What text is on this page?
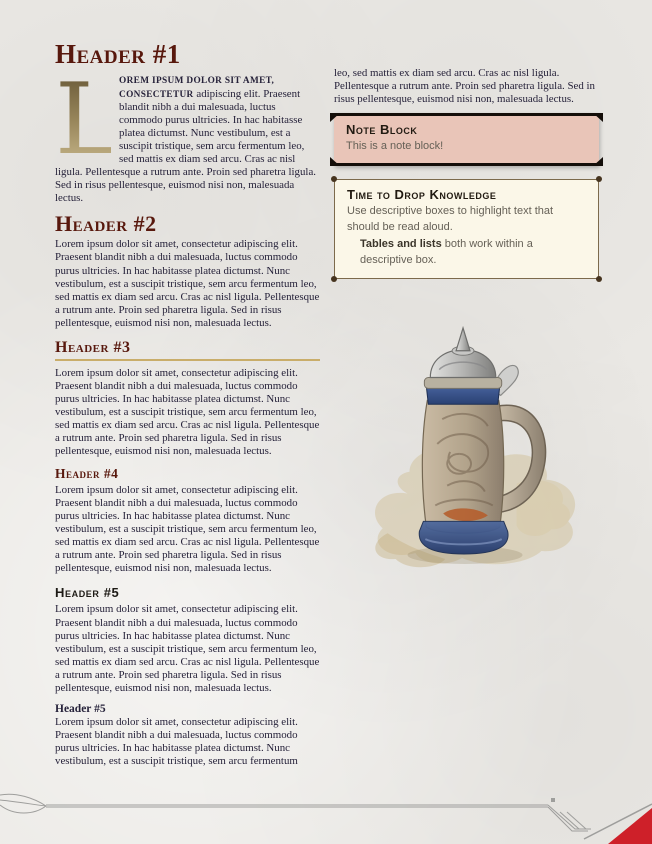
Header #1

L
OREM IPSUM DOLOR SIT AMET, CONSECTETUR adipiscing elit. Praesent blandit nibh a dui malesuada, luctus commodo purus ultricies. In hac habitasse platea dictumst. Nunc vestibulum, est a suscipit tristique, sem arcu fermentum leo, sed mattis ex diam sed arcu. Cras ac nisl ligula. Pellentesque a rutrum ante. Proin sed pharetra ligula. Sed in risus pellentesque, euismod nisi non, malesuada lectus.

Header #2

Lorem ipsum dolor sit amet, consectetur adipiscing elit. Praesent blandit nibh a dui malesuada, luctus commodo purus ultricies. In hac habitasse platea dictumst. Nunc vestibulum, est a suscipit tristique, sem arcu fermentum leo, sed mattis ex diam sed arcu. Cras ac nisl ligula. Pellentesque a rutrum ante. Proin sed pharetra ligula. Sed in risus pellentesque, euismod nisi non, malesuada lectus.

Header #3

Lorem ipsum dolor sit amet, consectetur adipiscing elit. Praesent blandit nibh a dui malesuada, luctus commodo purus ultricies. In hac habitasse platea dictumst. Nunc vestibulum, est a suscipit tristique, sem arcu fermentum leo, sed mattis ex diam sed arcu. Cras ac nisl ligula. Pellentesque a rutrum ante. Proin sed pharetra ligula. Sed in risus pellentesque, euismod nisi non, malesuada lectus.

Header #4

Lorem ipsum dolor sit amet, consectetur adipiscing elit. Praesent blandit nibh a dui malesuada, luctus commodo purus ultricies. In hac habitasse platea dictumst. Nunc vestibulum, est a suscipit tristique, sem arcu fermentum leo, sed mattis ex diam sed arcu. Cras ac nisl ligula. Pellentesque a rutrum ante. Proin sed pharetra ligula. Sed in risus pellentesque, euismod nisi non, malesuada lectus.

Header #5

Lorem ipsum dolor sit amet, consectetur adipiscing elit. Praesent blandit nibh a dui malesuada, luctus commodo purus ultricies. In hac habitasse platea dictumst. Nunc vestibulum, est a suscipit tristique, sem arcu fermentum leo, sed mattis ex diam sed arcu. Cras ac nisl ligula. Pellentesque a rutrum ante. Proin sed pharetra ligula. Sed in risus pellentesque, euismod nisi non, malesuada lectus.

Header #5

Lorem ipsum dolor sit amet, consectetur adipiscing elit. Praesent blandit nibh a dui malesuada, luctus commodo purus ultricies. In hac habitasse platea dictumst. Nunc vestibulum, est a suscipit tristique, sem arcu fermentum

leo, sed mattis ex diam sed arcu. Cras ac nisl ligula. Pellentesque a rutrum ante. Proin sed pharetra ligula. Sed in risus pellentesque, euismod nisi non, malesuada lectus.

Note Block
This is a note block!
Time to Drop Knowledge

Use descriptive boxes to highlight text that should be read aloud.

Tables and lists both work within a descriptive box.
